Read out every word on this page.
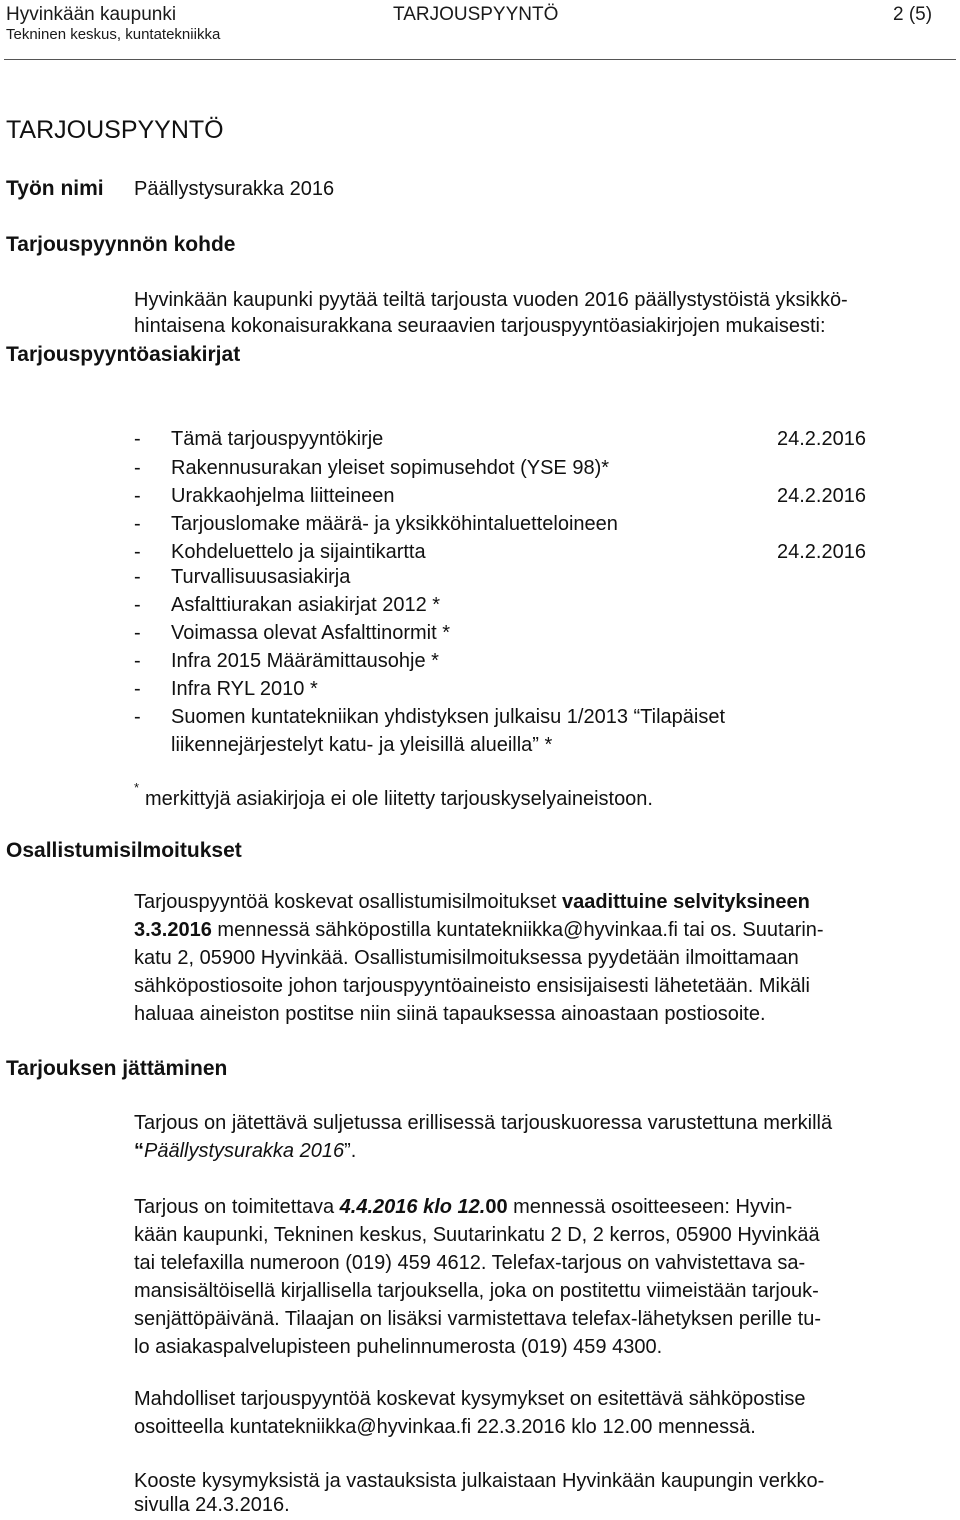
Hyvinkään kaupunki
Tekninen keskus, kuntatekniikka
TARJOUSPYYNTÖ	2 (5)
TARJOUSPYYNTÖ
Työn nimi Päällystysurakka 2016
Tarjouspyynnön kohde
Hyvinkään kaupunki pyytää teiltä tarjousta vuoden 2016 päällystystöistä yksikkö-
hintaisena kokonaisurakkana seuraavien tarjouspyyntöasiakirjojen mukaisesti:
Tarjouspyyntöasiakirjat
- Tämä tarjouspyyntökirje	24.2.2016
- Rakennusurakan yleiset sopimusehdot (YSE 98)*
- Urakkaohjelma liitteineen	24.2.2016
- Tarjouslomake määrä- ja yksikköhintaluetteloineen
- Kohdeluettelo ja sijaintikartta	24.2.2016
- Turvallisuusasiakirja
- Asfalttiurakan asiakirjat 2012 *
- Voimassa olevat Asfalttinormit *
- Infra 2015 Määrämittausohje *
- Infra RYL 2010 *
- Suomen kuntatekniikan yhdistyksen julkaisu 1/2013 “Tilapäiset
liikennejärjestelyt katu- ja yleisillä alueilla” *
*
merkittyjä asiakirjoja ei ole liitetty tarjouskyselyaineistoon.
Osallistumisilmoitukset
Tarjouspyyntöä koskevat osallistumisilmoitukset vaadittuine selvityksineen
3.3.2016 mennessä sähköpostilla kuntatekniikka@hyvinkaa.fi tai os. Suutarin-
katu 2, 05900 Hyvinkää. Osallistumisilmoituksessa pyydetään ilmoittamaan
sähköpostiosoite johon tarjouspyyntöaineisto ensisijaisesti lähetetään. Mikäli
haluaa aineiston postitse niin siinä tapauksessa ainoastaan postiosoite.
Tarjouksen jättäminen
Tarjous on jätettävä suljetussa erillisessä tarjouskuoressa varustettuna merkillä
“Päällystysurakka 2016”.
Tarjous on toimitettava 4.4.2016 klo 12.00 mennessä osoitteeseen: Hyvin-
kään kaupunki, Tekninen keskus, Suutarinkatu 2 D, 2 kerros, 05900 Hyvinkää
tai telefaxilla numeroon (019) 459 4612. Telefax-tarjous on vahvistettava sa-
mansisältöisellä kirjallisella tarjouksella, joka on postitettu viimeistään tarjouk-
senjättöpäivänä. Tilaajan on lisäksi varmistettava telefax-lähetyksen perille tu-
lo asiakaspalvelupisteen puhelinnumerosta (019) 459 4300.
Mahdolliset tarjouspyyntöä koskevat kysymykset on esitettävä sähköpostise
osoitteella kuntatekniikka@hyvinkaa.fi 22.3.2016 klo 12.00 mennessä.
Kooste kysymyksistä ja vastauksista julkaistaan Hyvinkään kaupungin verkko-
sivulla 24.3.2016.
